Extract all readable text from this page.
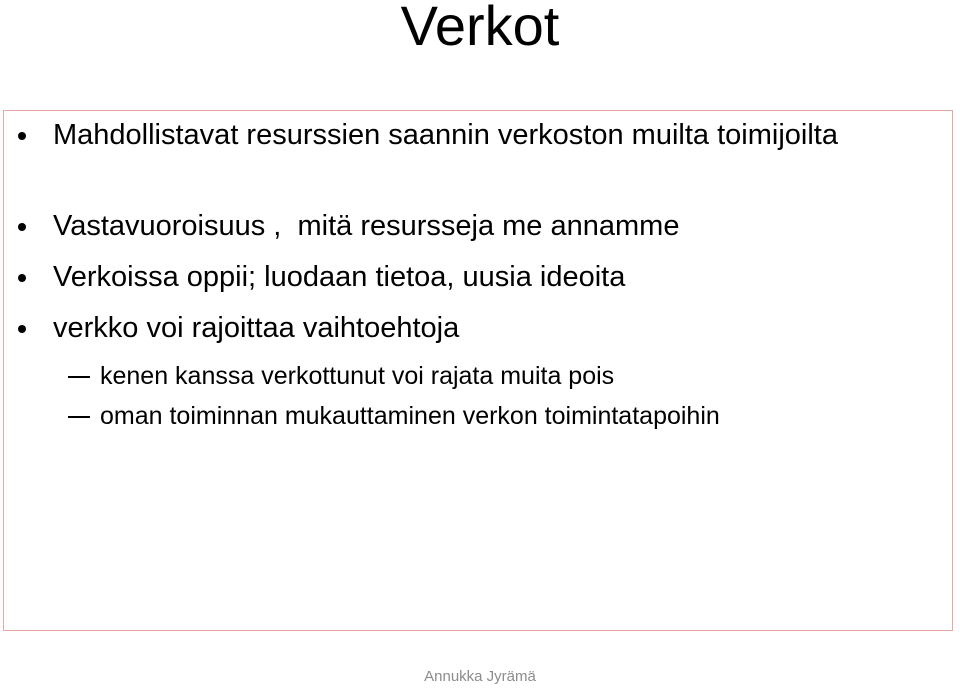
Verkot
Mahdollistavat resurssien saannin verkoston muilta toimijoilta
Vastavuoroisuus ,  mitä resursseja me annamme
Verkoissa oppii; luodaan tietoa, uusia ideoita
verkko voi rajoittaa vaihtoehtoja
kenen kanssa verkottunut voi rajata muita pois
oman toiminnan mukauttaminen verkon toimintatapoihin
Annukka Jyrämä
